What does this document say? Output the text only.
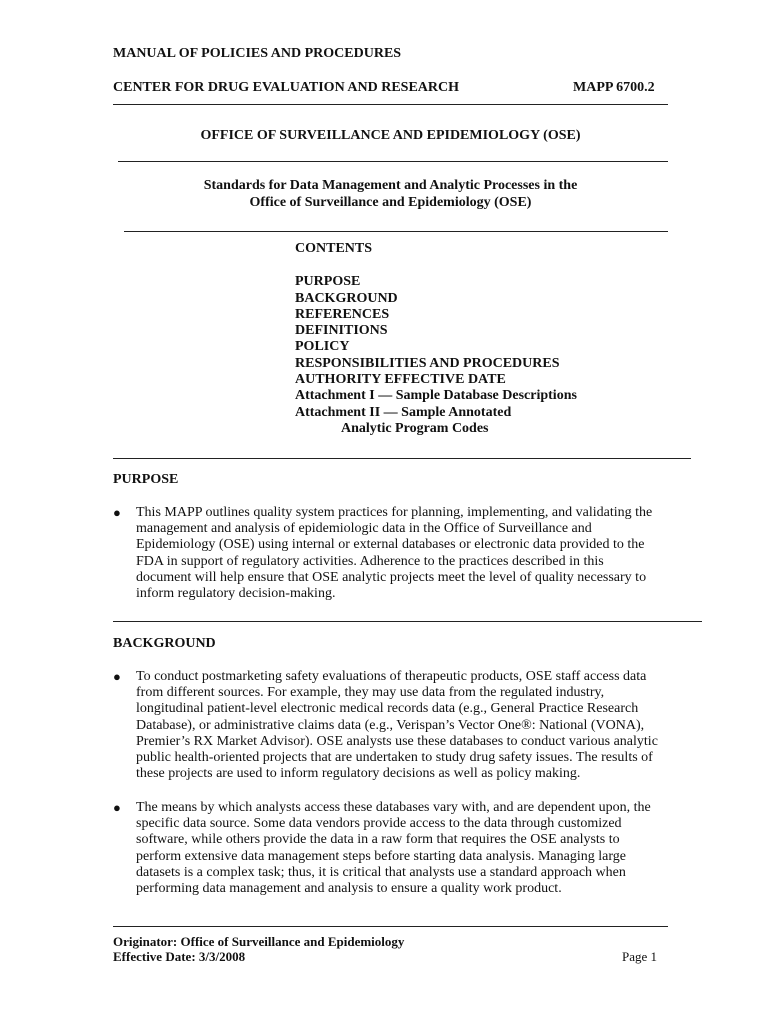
MANUAL OF POLICIES AND PROCEDURES
CENTER FOR DRUG EVALUATION AND RESEARCH	MAPP 6700.2
OFFICE OF SURVEILLANCE AND EPIDEMIOLOGY (OSE)
Standards for Data Management and Analytic Processes in the
Office of Surveillance and Epidemiology (OSE)
CONTENTS
PURPOSE
BACKGROUND
REFERENCES
DEFINITIONS
POLICY
RESPONSIBILITIES AND PROCEDURES
AUTHORITY EFFECTIVE DATE
Attachment I — Sample Database Descriptions
Attachment II — Sample Annotated
Analytic Program Codes
PURPOSE
● This MAPP outlines quality system practices for planning, implementing, and validating the
management and analysis of epidemiologic data in the Office of Surveillance and
Epidemiology (OSE) using internal or external databases or electronic data provided to the
FDA in support of regulatory activities. Adherence to the practices described in this
document will help ensure that OSE analytic projects meet the level of quality necessary to
inform regulatory decision-making.
BACKGROUND
● To conduct postmarketing safety evaluations of therapeutic products, OSE staff access data
from different sources. For example, they may use data from the regulated industry,
longitudinal patient-level electronic medical records data (e.g., General Practice Research
Database), or administrative claims data (e.g., Verispan’s Vector One®: National (VONA),
Premier’s RX Market Advisor). OSE analysts use these databases to conduct various analytic
public health-oriented projects that are undertaken to study drug safety issues. The results of
these projects are used to inform regulatory decisions as well as policy making.
● The means by which analysts access these databases vary with, and are dependent upon, the
specific data source. Some data vendors provide access to the data through customized
software, while others provide the data in a raw form that requires the OSE analysts to
perform extensive data management steps before starting data analysis. Managing large
datasets is a complex task; thus, it is critical that analysts use a standard approach when
performing data management and analysis to ensure a quality work product.
Originator: Office of Surveillance and Epidemiology
Effective Date: 3/3/2008	Page 1
